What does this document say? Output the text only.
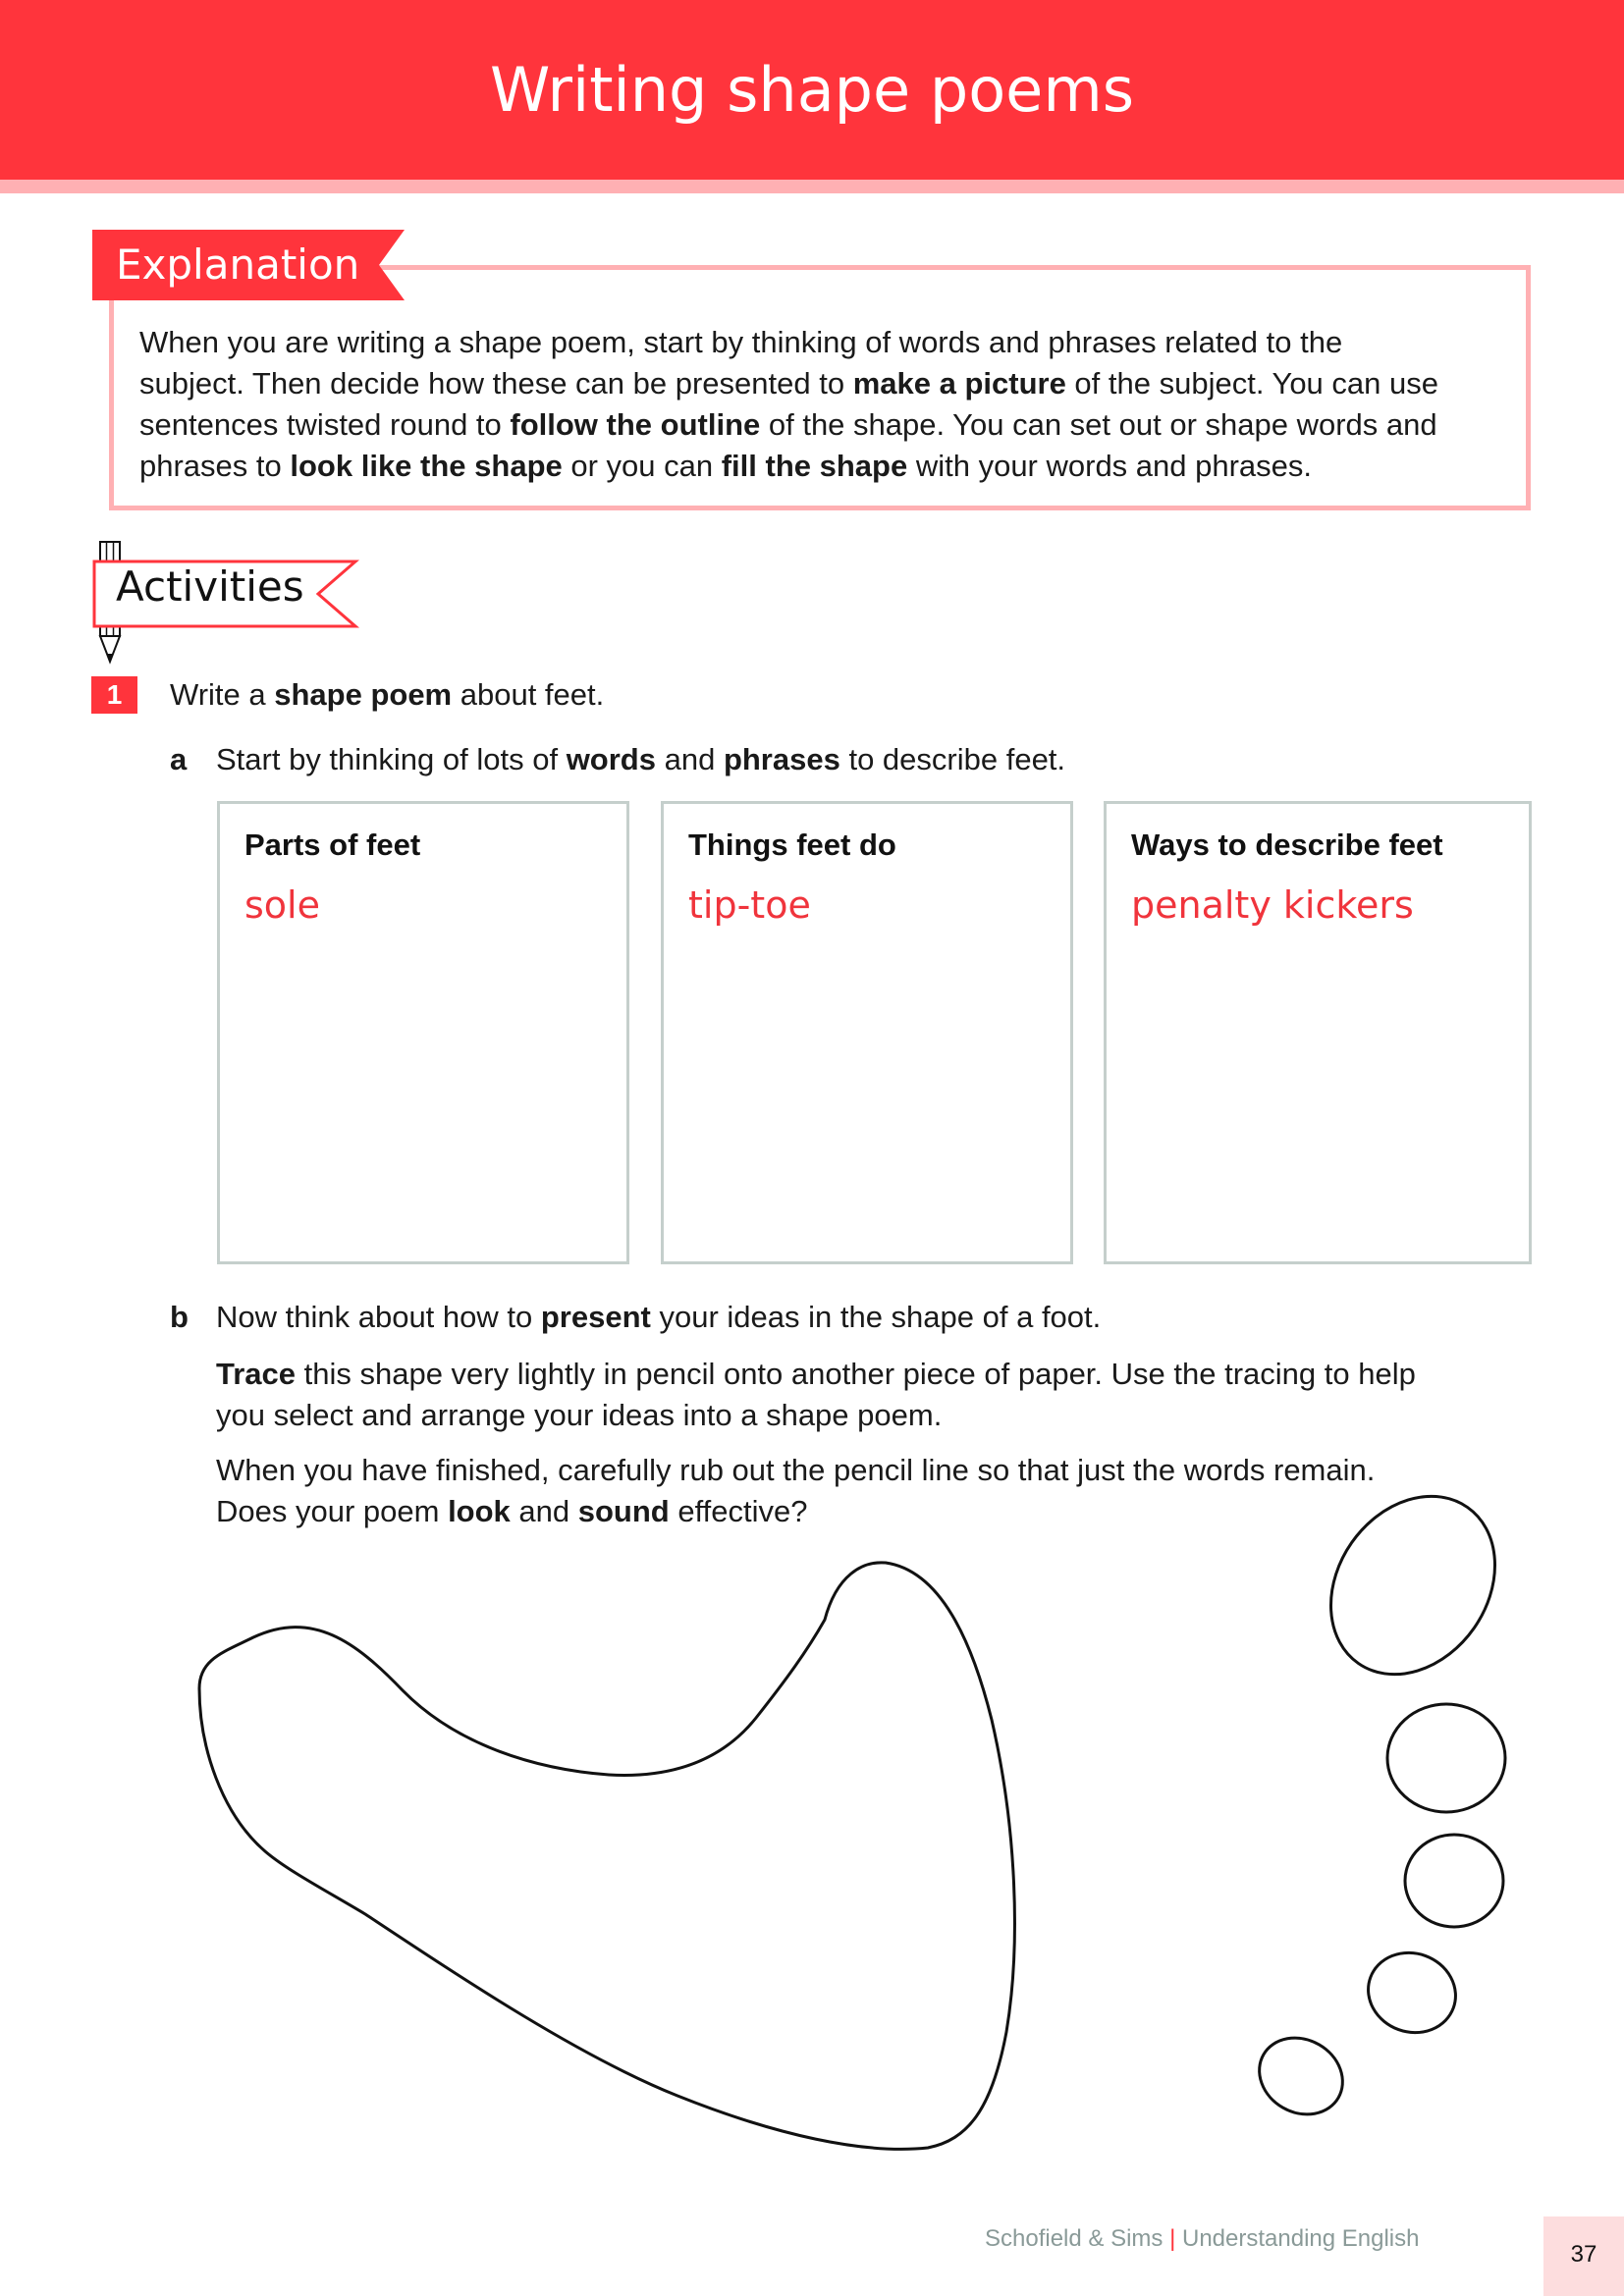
Writing shape poems
Explanation
When you are writing a shape poem, start by thinking of words and phrases related to the
subject. Then decide how these can be presented to make a picture of the subject. You can use
sentences twisted round to follow the outline of the shape. You can set out or shape words and
phrases to look like the shape or you can fill the shape with your words and phrases.
Activities
1	Write a shape poem about feet.
a Start by thinking of lots of words and phrases to describe feet.
Parts of feet
sole
Things feet do
tip-toe
Ways to describe feet
penalty kickers
b Now think about how to present your ideas in the shape of a foot.
Trace this shape very lightly in pencil onto another piece of paper. Use the tracing to help
you select and arrange your ideas into a shape poem.
When you have finished, carefully rub out the pencil line so that just the words remain.
Does your poem look and sound effective?
Schofield & Sims | Understanding English
37
